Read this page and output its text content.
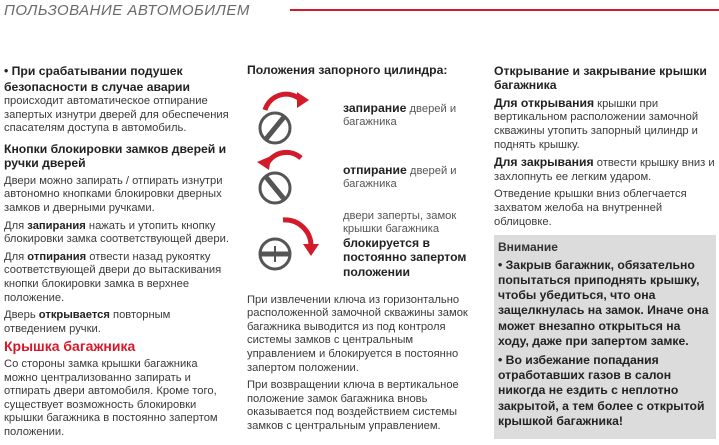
ПОЛЬЗОВАНИЕ АВТОМОБИЛЕМ

• При срабатывании подушек безопасности в случае аварии происходит автоматическое отпирание запертых изнутри дверей для обеспечения спасателям доступа в автомобиль.

Кнопки блокировки замков дверей и ручки дверей

Двери можно запирать / отпирать изнутри автономно кнопками блокировки дверных замков и дверными ручками.

Для запирания нажать и утопить кнопку блокировки замка соответствующей двери.

Для отпирания отвести назад рукоятку соответствующей двери до вытаскивания кнопки блокировки замка в верхнее положение.

Дверь открывается повторным отведением ручки.

Крышка багажника

Со стороны замка крышки багажника можно централизованно запирать и отпирать двери автомобиля. Кроме того, существует возможность блокировки крышки багажника в постоянно запертом положении.

Положения запорного цилиндра:
запирание дверей и багажника
отпирание дверей и багажника
двери заперты, замок крышки багажника блокируется в постоянно запертом положении

При извлечении ключа из горизонтально расположенной замочной скважины замок багажника выводится из под контроля системы замков с центральным управлением и блокируется в постоянно запертом положении.

При возвращении ключа в вертикальное положение замок багажника вновь оказывается под воздействием системы замков с центральным управлением.

Открывание и закрывание крышки багажника

Для открывания крышки при вертикальном расположении замочной скважины утопить запорный цилиндр и поднять крышку.

Для закрывания отвести крышку вниз и захлопнуть ее легким ударом.

Отведение крышки вниз облегчается захватом желоба на внутренней облицовке.

Внимание

• Закрыв багажник, обязательно попытаться приподнять крышку, чтобы убедиться, что она защелкнулась на замок. Иначе она может внезапно открыться на ходу, даже при запертом замке.

• Во избежание попадания отработавших газов в салон никогда не ездить с неплотно закрытой, а тем более с открытой крышкой багажника!
